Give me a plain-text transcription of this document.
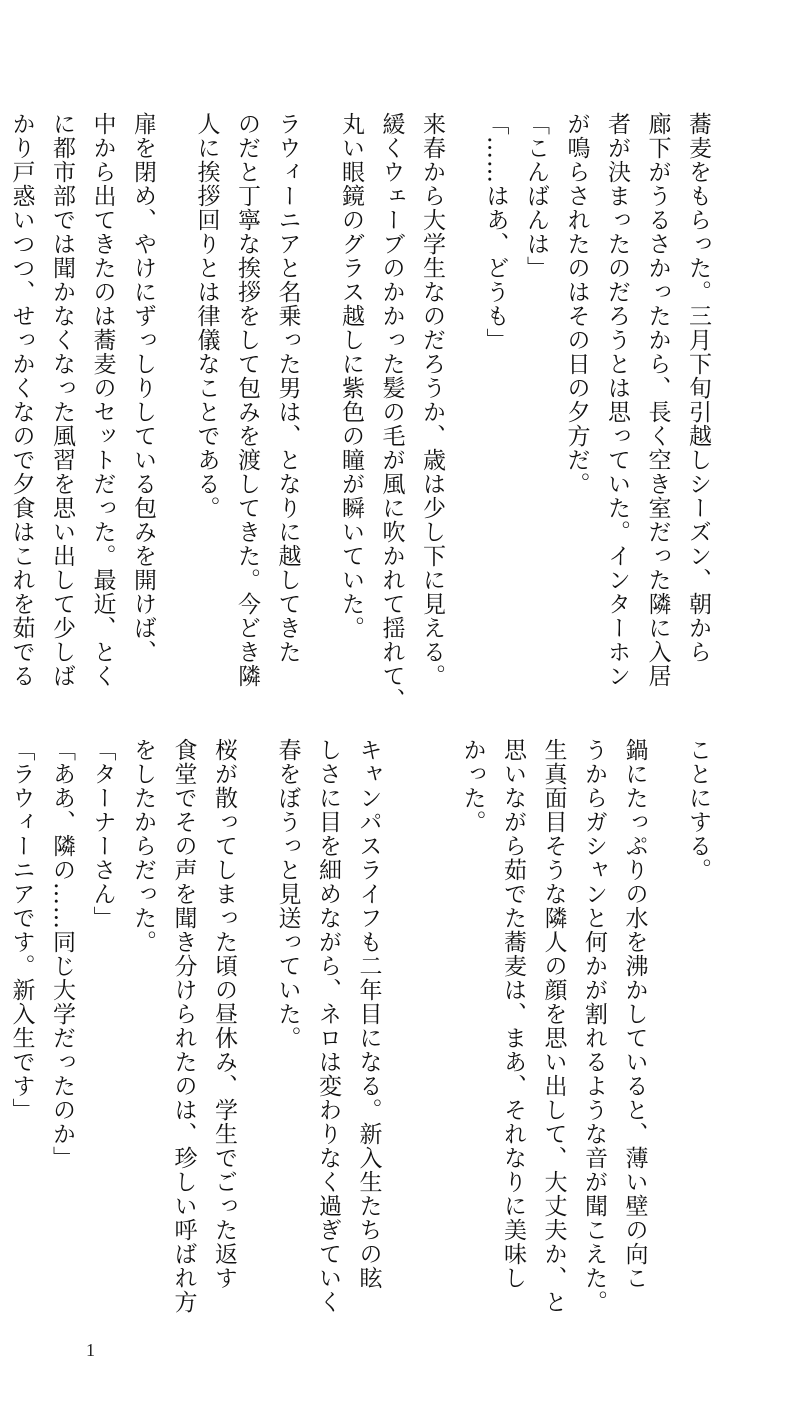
蕎麦をもらった。三月下旬引越しシーズン、朝から
廊下がうるさかったから、長く空き室だった隣に入居
者が決まったのだろうとは思っていた。インターホン
が鳴らされたのはその日の夕方だ。
「こんばんは」
「……はあ、どうも」
来春から大学生なのだろうか、歳は少し下に見える。
緩くウェーブのかかった髪の毛が風に吹かれて揺れて、
丸い眼鏡のグラス越しに紫色の瞳が瞬いていた。
ラウィーニアと名乗った男は、となりに越してきた
のだと丁寧な挨拶をして包みを渡してきた。今どき隣
人に挨拶回りとは律儀なことである。
扉を閉め、やけにずっしりしている包みを開けば、
中から出てきたのは蕎麦のセットだった。最近、とく
に都市部では聞かなくなった風習を思い出して少しば
かり戸惑いつつ、せっかくなので夕食はこれを茹でる
ことにする。
鍋にたっぷりの水を沸かしていると、薄い壁の向こ
うからガシャンと何かが割れるような音が聞こえた。
生真面目そうな隣人の顔を思い出して、大丈夫か、と
思いながら茹でた蕎麦は、まあ、それなりに美味し
かった。

キャンパスライフも二年目になる。新入生たちの眩
しさに目を細めながら、ネロは変わりなく過ぎていく
春をぼうっと見送っていた。
桜が散ってしまった頃の昼休み、学生でごった返す
食堂でその声を聞き分けられたのは、珍しい呼ばれ方
をしたからだった。
「ターナーさん」
「ああ、隣の……同じ大学だったのか」
「ラウィーニアです。新入生です」
1
